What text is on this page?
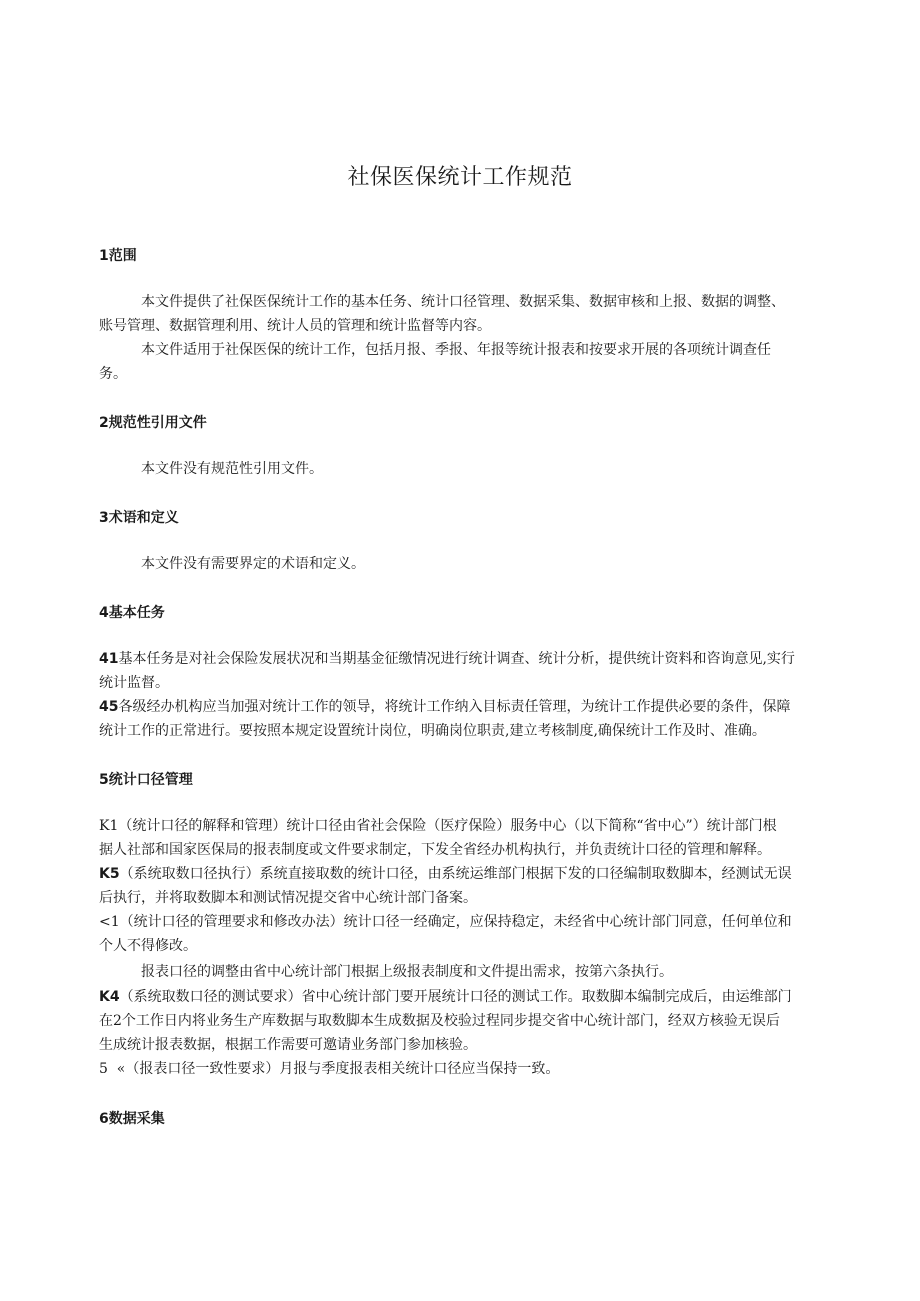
社保医保统计工作规范
1范围
本文件提供了社保医保统计工作的基本任务、统计口径管理、数据采集、数据审核和上报、数据的调整、
账号管理、数据管理利用、统计人员的管理和统计监督等内容。
本文件适用于社保医保的统计工作，包括月报、季报、年报等统计报表和按要求开展的各项统计调查任
务。
2规范性引用文件
本文件没有规范性引用文件。
3术语和定义
本文件没有需要界定的术语和定义。
4基本任务
41基本任务是对社会保险发展状况和当期基金征缴情况进行统计调查、统计分析，提供统计资料和咨询意见,实行
统计监督。
45各级经办机构应当加强对统计工作的领导，将统计工作纳入目标责任管理，为统计工作提供必要的条件，保障
统计工作的正常进行。要按照本规定设置统计岗位，明确岗位职责,建立考核制度,确保统计工作及时、准确。
5统计口径管理
K1（统计口径的解释和管理）统计口径由省社会保险（医疗保险）服务中心（以下简称“省中心”）统计部门根
据人社部和国家医保局的报表制度或文件要求制定，下发全省经办机构执行，并负责统计口径的管理和解释。
K5（系统取数口径执行）系统直接取数的统计口径，由系统运维部门根据下发的口径编制取数脚本，经测试无误
后执行，并将取数脚本和测试情况提交省中心统计部门备案。
<1（统计口径的管理要求和修改办法）统计口径一经确定，应保持稳定，未经省中心统计部门同意，任何单位和
个人不得修改。
报表口径的调整由省中心统计部门根据上级报表制度和文件提出需求，按第六条执行。
K4（系统取数口径的测试要求）省中心统计部门要开展统计口径的测试工作。取数脚本编制完成后，由运维部门
在2个工作日内将业务生产库数据与取数脚本生成数据及校验过程同步提交省中心统计部门，经双方核验无误后
生成统计报表数据，根据工作需要可邀请业务部门参加核验。
5  «（报表口径一致性要求）月报与季度报表相关统计口径应当保持一致。
6数据采集
